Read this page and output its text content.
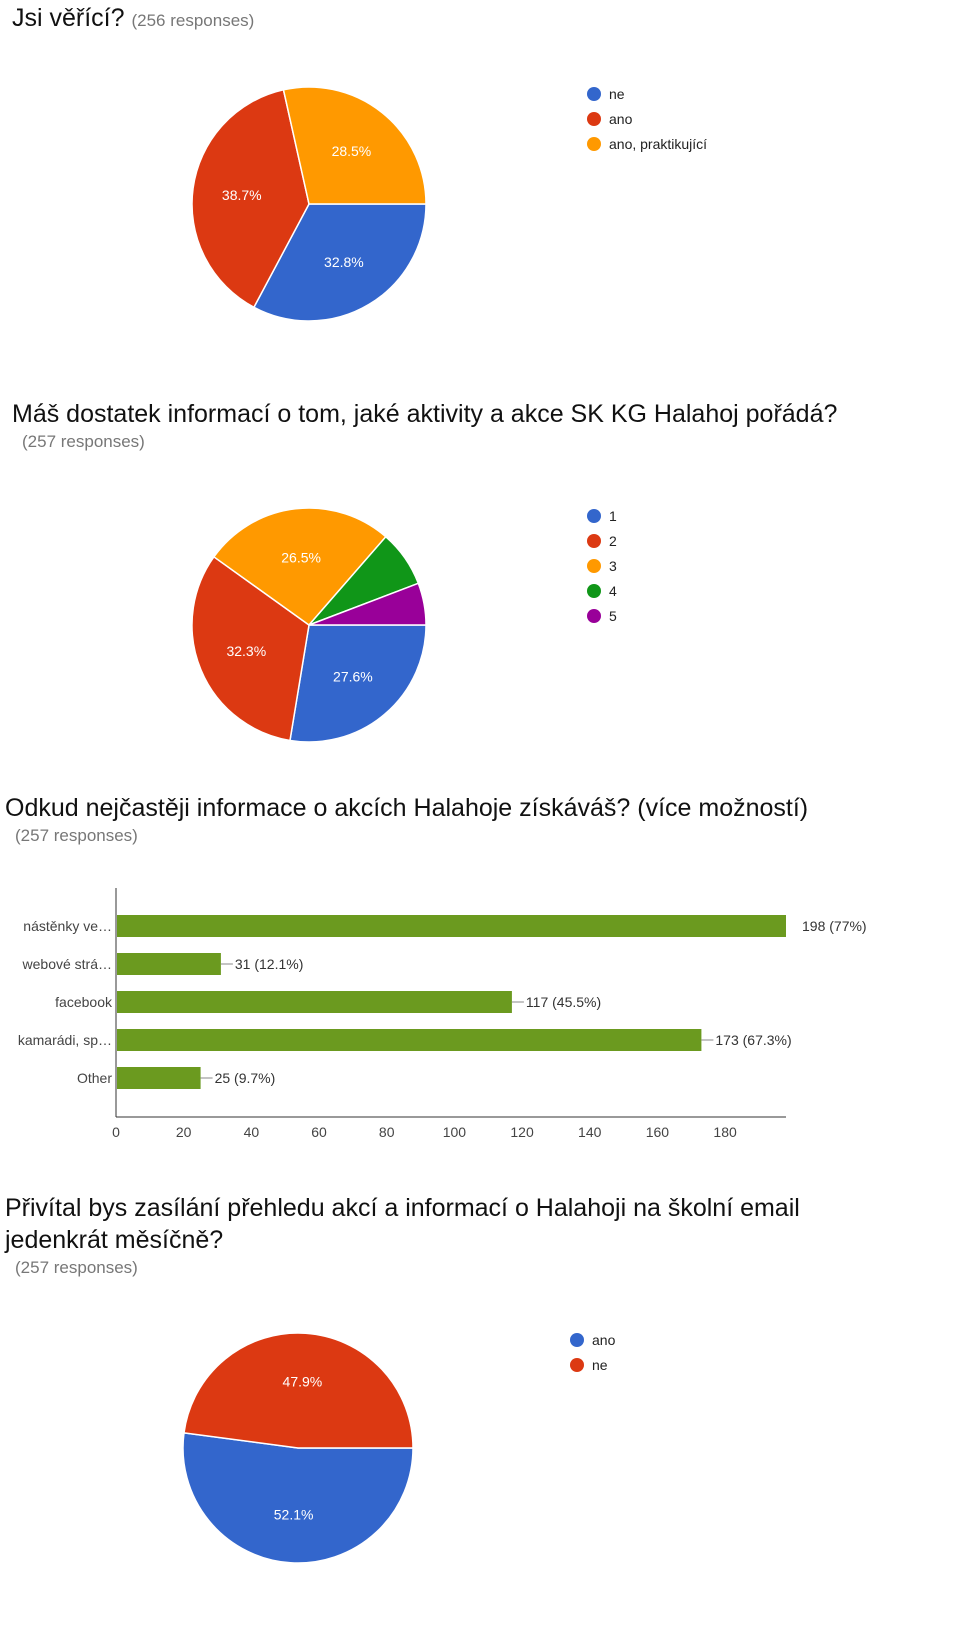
Jsi věřící? (256 responses)
32.8%
38.7%
28.5%
ne
ano
ano, praktikující
Máš dostatek informací o tom, jaké aktivity a akce SK KG Halahoj pořádá?
(257 responses)
27.6%
32.3%
26.5%
1
2
3
4
5
Odkud nejčastěji informace o akcích Halahoje získáváš? (více možností)
(257 responses)
nástěnky ve…	198 (77%)
webové strá…	31 (12.1%)
facebook	117 (45.5%)
kamarádi, sp…	173 (67.3%)
Other	25 (9.7%)
0	20	40	60	80	100	120	140	160	180
Přivítal bys zasílání přehledu akcí a informací o Halahoji na školní email jedenkrát měsíčně?
(257 responses)
52.1%
47.9%
ano
ne
